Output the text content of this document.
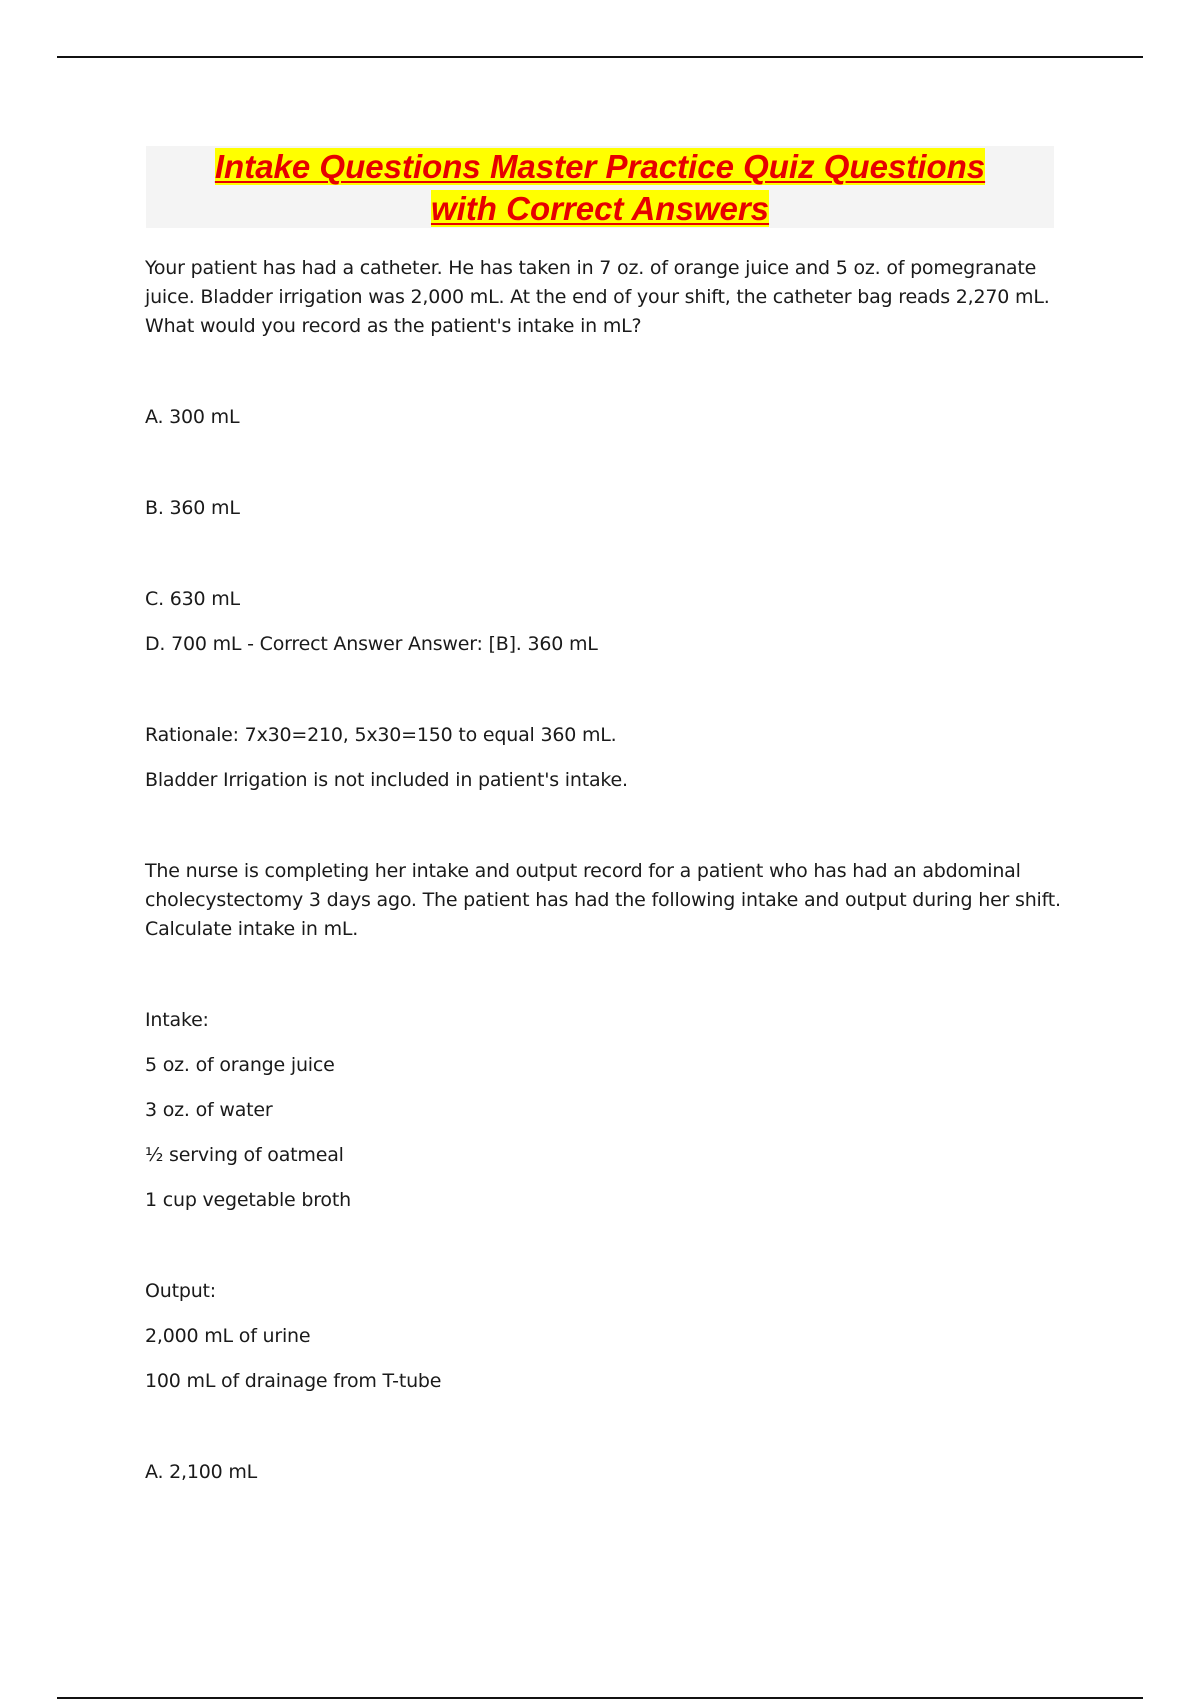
Intake Questions Master Practice Quiz Questions
with Correct Answers

Your patient has had a catheter. He has taken in 7 oz. of orange juice and 5 oz. of pomegranate juice. Bladder irrigation was 2,000 mL. At the end of your shift, the catheter bag reads 2,270 mL. What would you record as the patient's intake in mL?

A. 300 mL

B. 360 mL

C. 630 mL

D. 700 mL - Correct Answer Answer: [B]. 360 mL

Rationale: 7x30=210, 5x30=150 to equal 360 mL.

Bladder Irrigation is not included in patient's intake.

The nurse is completing her intake and output record for a patient who has had an abdominal cholecystectomy 3 days ago. The patient has had the following intake and output during her shift. Calculate intake in mL.

Intake:

5 oz. of orange juice

3 oz. of water

½ serving of oatmeal

1 cup vegetable broth

Output:

2,000 mL of urine

100 mL of drainage from T-tube

A. 2,100 mL
